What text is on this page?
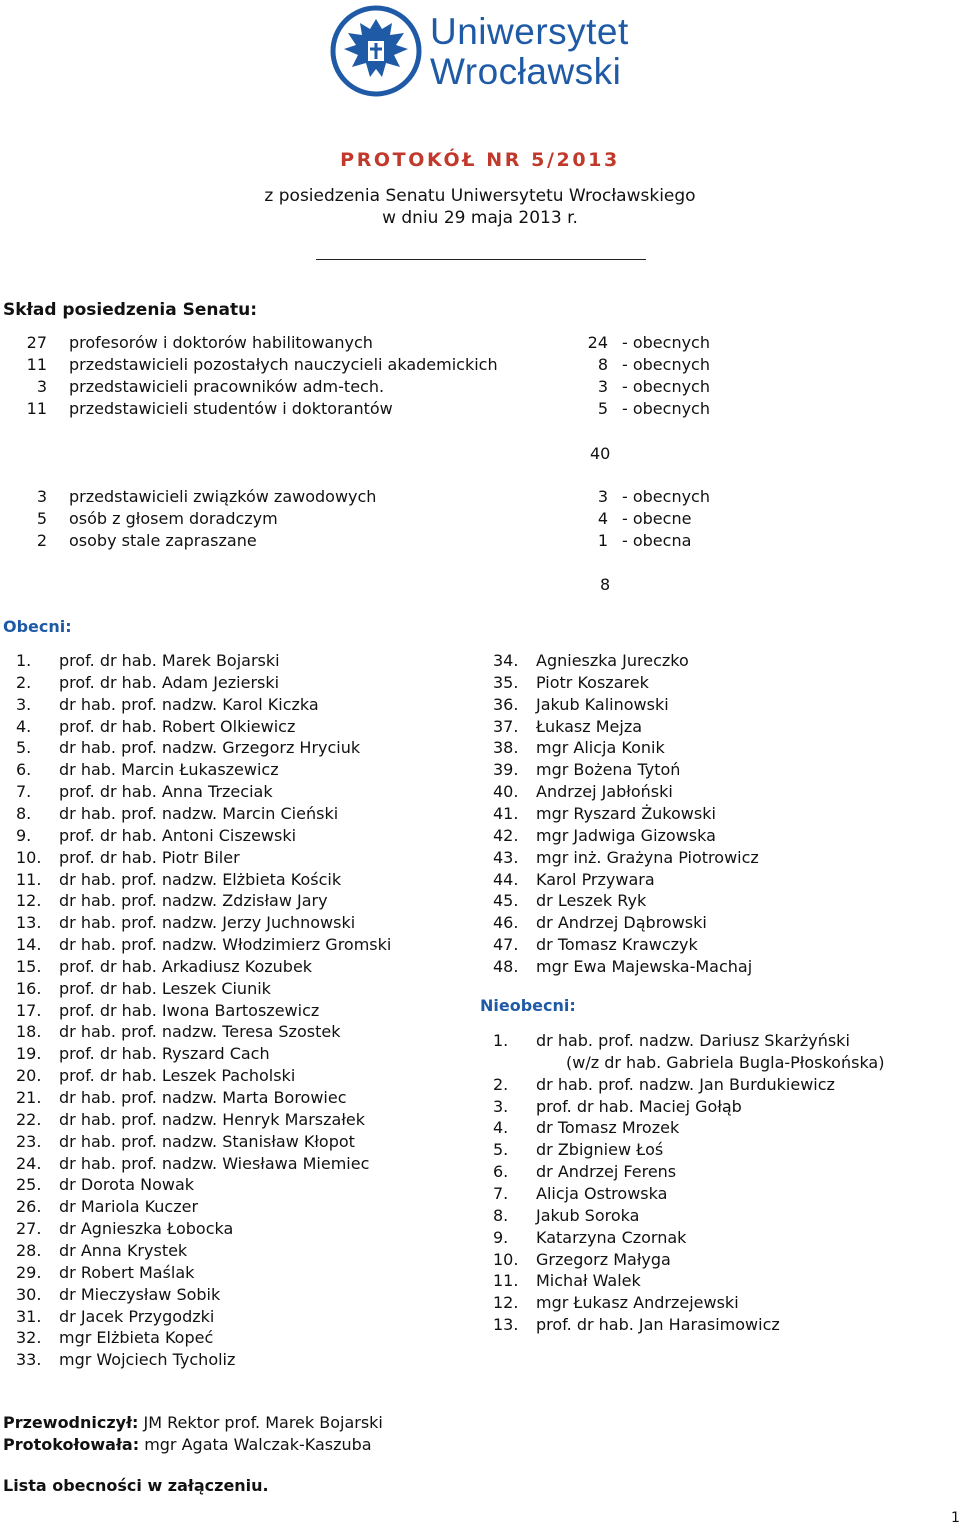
Uniwersytet
Wrocławski
PROTOKÓŁ NR 5/2013
z posiedzenia Senatu Uniwersytetu Wrocławskiego
w dniu 29 maja 2013 r.
Skład posiedzenia Senatu:
27 profesorów i doktorów habilitowanych	24 - obecnych
11 przedstawicieli pozostałych nauczycieli akademickich	8 - obecnych
3 przedstawicieli pracowników adm-tech.	3 - obecnych
11 przedstawicieli studentów i doktorantów	5 - obecnych
40
3 przedstawicieli związków zawodowych	3 - obecnych
5 osób z głosem doradczym	4 - obecne
2 osoby stale zapraszane	1 - obecna
8
Obecni:
1. prof. dr hab. Marek Bojarski
2. prof. dr hab. Adam Jezierski
3. dr hab. prof. nadzw. Karol Kiczka
4. prof. dr hab. Robert Olkiewicz
5. dr hab. prof. nadzw. Grzegorz Hryciuk
6. dr hab. Marcin Łukaszewicz
7. prof. dr hab. Anna Trzeciak
8. dr hab. prof. nadzw. Marcin Cieński
9. prof. dr hab. Antoni Ciszewski
10. prof. dr hab. Piotr Biler
11. dr hab. prof. nadzw. Elżbieta Kościk
12. dr hab. prof. nadzw. Zdzisław Jary
13. dr hab. prof. nadzw. Jerzy Juchnowski
14. dr hab. prof. nadzw. Włodzimierz Gromski
15. prof. dr hab. Arkadiusz Kozubek
16. prof. dr hab. Leszek Ciunik
17. prof. dr hab. Iwona Bartoszewicz
18. dr hab. prof. nadzw. Teresa Szostek
19. prof. dr hab. Ryszard Cach
20. prof. dr hab. Leszek Pacholski
21. dr hab. prof. nadzw. Marta Borowiec
22. dr hab. prof. nadzw. Henryk Marszałek
23. dr hab. prof. nadzw. Stanisław Kłopot
24. dr hab. prof. nadzw. Wiesława Miemiec
25. dr Dorota Nowak
26. dr Mariola Kuczer
27. dr Agnieszka Łobocka
28. dr Anna Krystek
29. dr Robert Maślak
30. dr Mieczysław Sobik
31. dr Jacek Przygodzki
32. mgr Elżbieta Kopeć
33. mgr Wojciech Tycholiz
34. Agnieszka Jureczko
35. Piotr Koszarek
36. Jakub Kalinowski
37. Łukasz Mejza
38. mgr Alicja Konik
39. mgr Bożena Tytoń
40. Andrzej Jabłoński
41. mgr Ryszard Żukowski
42. mgr Jadwiga Gizowska
43. mgr inż. Grażyna Piotrowicz
44. Karol Przywara
45. dr Leszek Ryk
46. dr Andrzej Dąbrowski
47. dr Tomasz Krawczyk
48. mgr Ewa Majewska-Machaj
Nieobecni:
1. dr hab. prof. nadzw. Dariusz Skarżyński
(w/z dr hab. Gabriela Bugla-Płoskońska)
2. dr hab. prof. nadzw. Jan Burdukiewicz
3. prof. dr hab. Maciej Gołąb
4. dr Tomasz Mrozek
5. dr Zbigniew Łoś
6. dr Andrzej Ferens
7. Alicja Ostrowska
8. Jakub Soroka
9. Katarzyna Czornak
10. Grzegorz Małyga
11. Michał Walek
12. mgr Łukasz Andrzejewski
13. prof. dr hab. Jan Harasimowicz
Przewodniczył: JM Rektor prof. Marek Bojarski
Protokołowała: mgr Agata Walczak-Kaszuba
Lista obecności w załączeniu.
1
